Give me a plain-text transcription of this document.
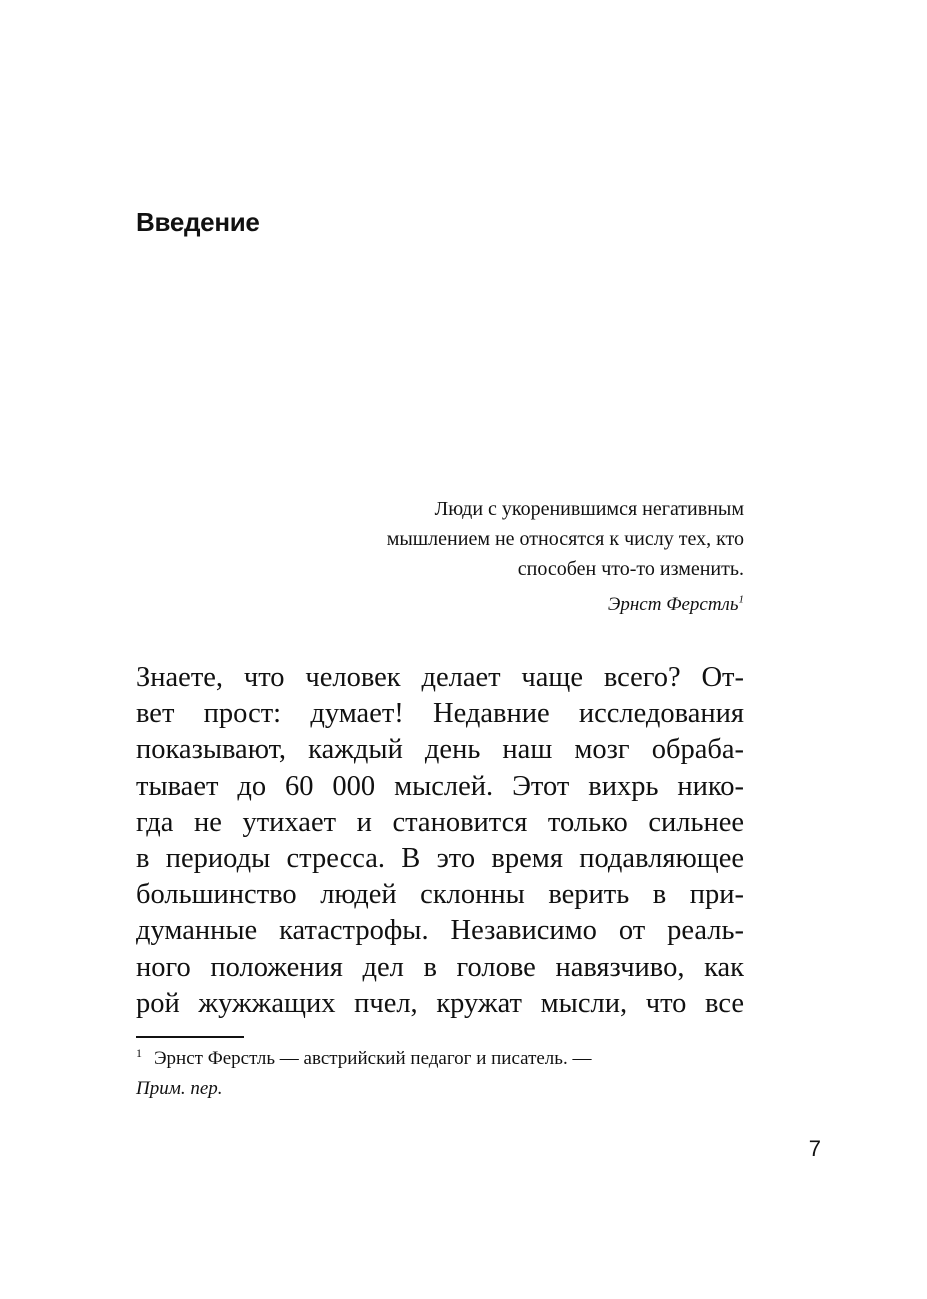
Введение
Люди с укоренившимся негативным
мышлением не относятся к числу тех, кто
способен что-то изменить.
Эрнст Ферстль$^1$
Знаете, что человек делает чаще всего? От-
вет прост: думает! Недавние исследования
показывают, каждый день наш мозг обраба-
тывает до 60 000 мыслей. Этот вихрь нико-
гда не утихает и становится только сильнее
в периоды стресса. В это время подавляющее
большинство людей склонны верить в при-
думанные катастрофы. Независимо от реаль-
ного положения дел в голове навязчиво, как
рой жужжащих пчел, кружат мысли, что все
$^1$ Эрнст Ферстль — австрийский педагог и писатель. —
Прим. пер.
7
